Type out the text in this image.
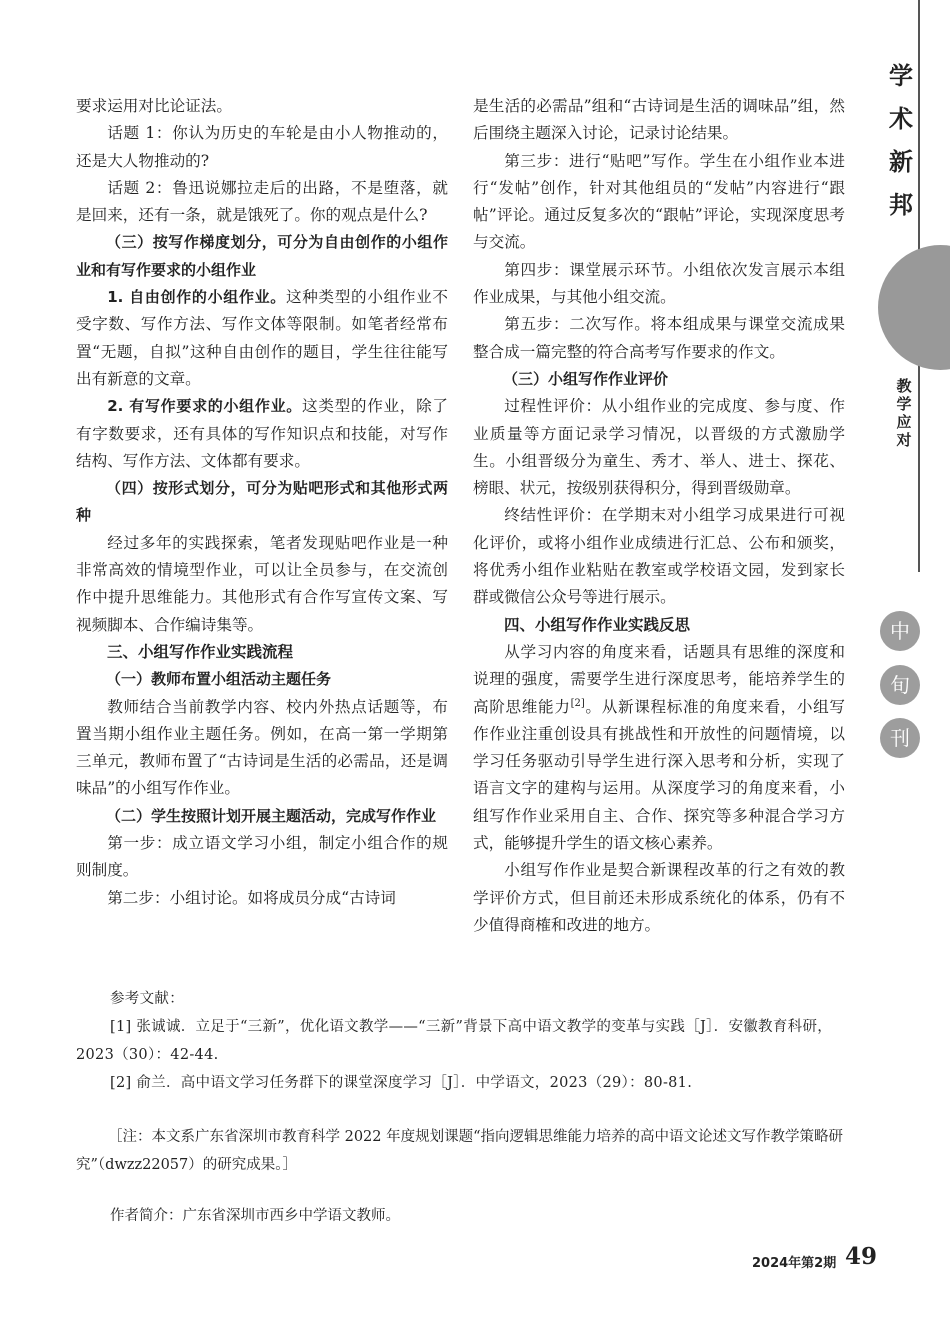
要求运用对比论证法。

话题 1：你认为历史的车轮是由小人物推动的，还是大人物推动的?

话题 2：鲁迅说娜拉走后的出路，不是堕落，就是回来，还有一条，就是饿死了。你的观点是什么?

（三）按写作梯度划分，可分为自由创作的小组作业和有写作要求的小组作业

1. 自由创作的小组作业。这种类型的小组作业不受字数、写作方法、写作文体等限制。如笔者经常布置“无题，自拟”这种自由创作的题目，学生往往能写出有新意的文章。

2. 有写作要求的小组作业。这类型的作业，除了有字数要求，还有具体的写作知识点和技能，对写作结构、写作方法、文体都有要求。

（四）按形式划分，可分为贴吧形式和其他形式两种

经过多年的实践探索，笔者发现贴吧作业是一种非常高效的情境型作业，可以让全员参与，在交流创作中提升思维能力。其他形式有合作写宣传文案、写视频脚本、合作编诗集等。

三、小组写作作业实践流程

（一）教师布置小组活动主题任务

教师结合当前教学内容、校内外热点话题等，布置当期小组作业主题任务。例如，在高一第一学期第三单元，教师布置了“古诗词是生活的必需品，还是调味品”的小组写作作业。

（二）学生按照计划开展主题活动，完成写作作业

第一步：成立语文学习小组，制定小组合作的规则制度。

第二步：小组讨论。如将成员分成“古诗词

是生活的必需品”组和“古诗词是生活的调味品”组，然后围绕主题深入讨论，记录讨论结果。

第三步：进行“贴吧”写作。学生在小组作业本进行“发帖”创作，针对其他组员的“发帖”内容进行“跟帖”评论。通过反复多次的“跟帖”评论，实现深度思考与交流。

第四步：课堂展示环节。小组依次发言展示本组作业成果，与其他小组交流。

第五步：二次写作。将本组成果与课堂交流成果整合成一篇完整的符合高考写作要求的作文。

（三）小组写作作业评价

过程性评价：从小组作业的完成度、参与度、作业质量等方面记录学习情况，以晋级的方式激励学生。小组晋级分为童生、秀才、举人、进士、探花、榜眼、状元，按级别获得积分，得到晋级勋章。

终结性评价：在学期末对小组学习成果进行可视化评价，或将小组作业成绩进行汇总、公布和颁奖，将优秀小组作业粘贴在教室或学校语文园，发到家长群或微信公众号等进行展示。

四、小组写作作业实践反思

从学习内容的角度来看，话题具有思维的深度和说理的强度，需要学生进行深度思考，能培养学生的高阶思维能力[2]。从新课程标准的角度来看，小组写作作业注重创设具有挑战性和开放性的问题情境，以学习任务驱动引导学生进行深入思考和分析，实现了语言文字的建构与运用。从深度学习的角度来看，小组写作作业采用自主、合作、探究等多种混合学习方式，能够提升学生的语文核心素养。

小组写作作业是契合新课程改革的行之有效的教学评价方式，但目前还未形成系统化的体系，仍有不少值得商榷和改进的地方。

参考文献：

[1] 张诚诚．立足于“三新”，优化语文教学——“三新”背景下高中语文教学的变革与实践［J］．安徽教育科研，2023（30）：42-44.

[2] 俞兰．高中语文学习任务群下的课堂深度学习［J］．中学语文，2023（29）：80-81.

［注：本文系广东省深圳市教育科学 2022 年度规划课题“指向逻辑思维能力培养的高中语文论述文写作教学策略研究”（dwzz22057）的研究成果。］

作者简介：广东省深圳市西乡中学语文教师。
学术新邦
教学应对
中
旬
刊
2024年第2期 49
